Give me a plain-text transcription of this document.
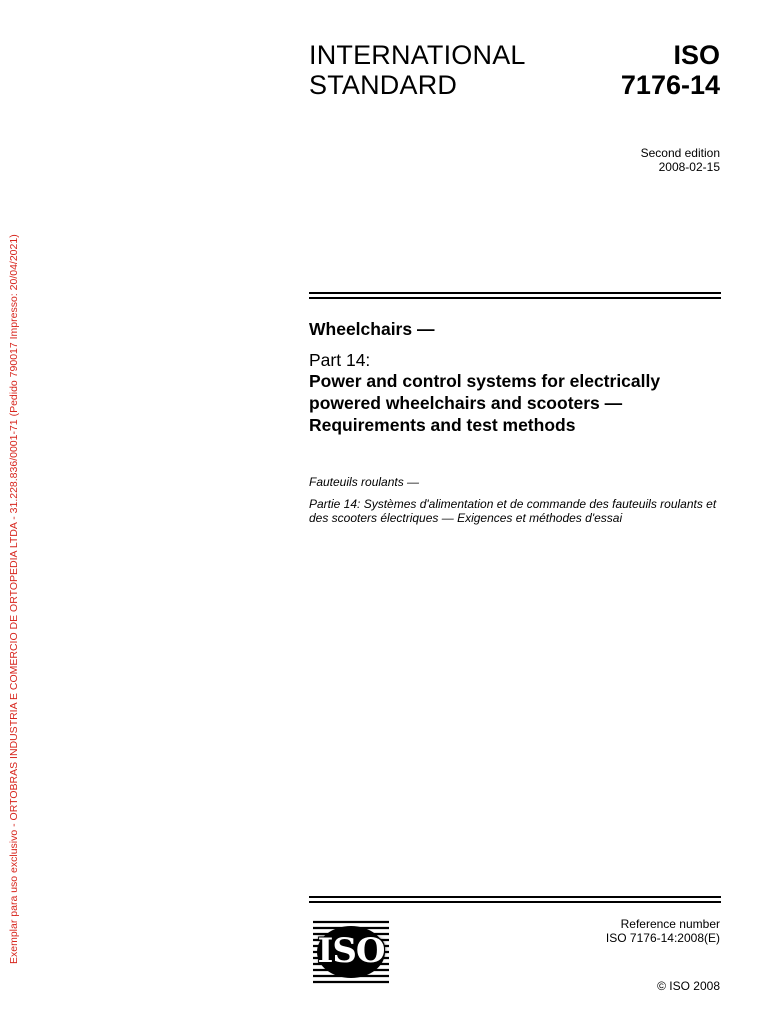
Exemplar para uso exclusivo - ORTOBRAS INDUSTRIA E COMERCIO DE ORTOPEDIA LTDA - 31.228.836/0001-71 (Pedido 790017 Impresso: 20/04/2021)
INTERNATIONAL
STANDARD
ISO
7176-14
Second edition
2008-02-15
Wheelchairs —
Part 14:
Power and control systems for electrically powered wheelchairs and scooters — Requirements and test methods
Fauteuils roulants —
Partie 14: Systèmes d'alimentation et de commande des fauteuils roulants et des scooters électriques — Exigences et méthodes d'essai
ISO
Reference number
ISO 7176-14:2008(E)
© ISO 2008
